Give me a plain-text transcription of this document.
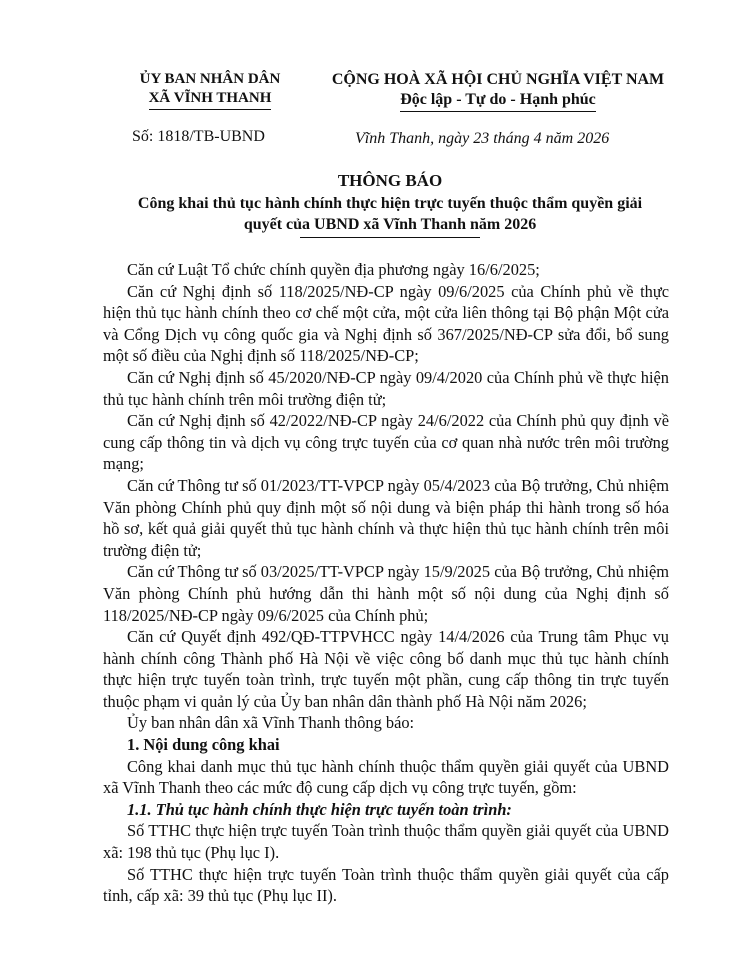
ỦY BAN NHÂN DÂN
XÃ VĨNH THANH
CỘNG HOÀ XÃ HỘI CHỦ NGHĨA VIỆT NAM
Độc lập - Tự do - Hạnh phúc
Số: 1818/TB-UBND	Vĩnh Thanh, ngày 23 tháng 4 năm 2026
THÔNG BÁO
Công khai thủ tục hành chính thực hiện trực tuyến thuộc thẩm quyền giải
quyết của UBND xã Vĩnh Thanh năm 2026

Căn cứ Luật Tổ chức chính quyền địa phương ngày 16/6/2025;

Căn cứ Nghị định số 118/2025/NĐ-CP ngày 09/6/2025 của Chính phủ về thực hiện thủ tục hành chính theo cơ chế một cửa, một cửa liên thông tại Bộ phận Một cửa và Cổng Dịch vụ công quốc gia và Nghị định số 367/2025/NĐ-CP sửa đổi, bổ sung một số điều của Nghị định số 118/2025/NĐ-CP;

Căn cứ Nghị định số 45/2020/NĐ-CP ngày 09/4/2020 của Chính phủ về thực hiện thủ tục hành chính trên môi trường điện tử;

Căn cứ Nghị định số 42/2022/NĐ-CP ngày 24/6/2022 của Chính phủ quy định về cung cấp thông tin và dịch vụ công trực tuyến của cơ quan nhà nước trên môi trường mạng;

Căn cứ Thông tư số 01/2023/TT-VPCP ngày 05/4/2023 của Bộ trưởng, Chủ nhiệm Văn phòng Chính phủ quy định một số nội dung và biện pháp thi hành trong số hóa hồ sơ, kết quả giải quyết thủ tục hành chính và thực hiện thủ tục hành chính trên môi trường điện tử;

Căn cứ Thông tư số 03/2025/TT-VPCP ngày 15/9/2025 của Bộ trưởng, Chủ nhiệm Văn phòng Chính phủ hướng dẫn thi hành một số nội dung của Nghị định số 118/2025/NĐ-CP ngày 09/6/2025 của Chính phủ;

Căn cứ Quyết định 492/QĐ-TTPVHCC ngày 14/4/2026 của Trung tâm Phục vụ hành chính công Thành phố Hà Nội về việc công bố danh mục thủ tục hành chính thực hiện trực tuyến toàn trình, trực tuyến một phần, cung cấp thông tin trực tuyến thuộc phạm vi quản lý của Ủy ban nhân dân thành phố Hà Nội năm 2026;

Ủy ban nhân dân xã Vĩnh Thanh thông báo:

1. Nội dung công khai

Công khai danh mục thủ tục hành chính thuộc thẩm quyền giải quyết của UBND xã Vĩnh Thanh theo các mức độ cung cấp dịch vụ công trực tuyến, gồm:

1.1. Thủ tục hành chính thực hiện trực tuyến toàn trình:

Số TTHC thực hiện trực tuyến Toàn trình thuộc thẩm quyền giải quyết của UBND xã: 198 thủ tục (Phụ lục I).

Số TTHC thực hiện trực tuyến Toàn trình thuộc thẩm quyền giải quyết của cấp tỉnh, cấp xã: 39 thủ tục (Phụ lục II).
